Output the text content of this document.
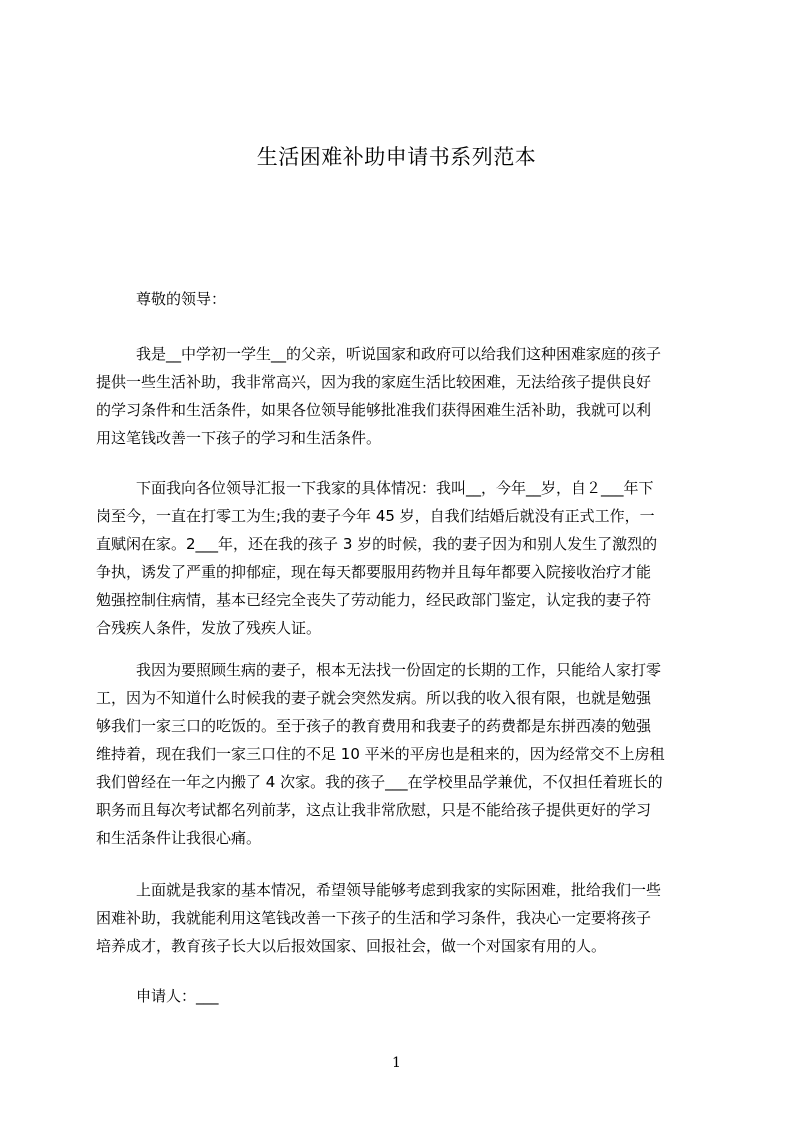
生活困难补助申请书系列范本
尊敬的领导：
我是__中学初一学生__的父亲，听说国家和政府可以给我们这种困难家庭的孩子
提供一些生活补助，我非常高兴，因为我的家庭生活比较困难，无法给孩子提供良好
的学习条件和生活条件，如果各位领导能够批准我们获得困难生活补助，我就可以利
用这笔钱改善一下孩子的学习和生活条件。
下面我向各位领导汇报一下我家的具体情况：我叫__，今年__岁，自２___年下
岗至今，一直在打零工为生;我的妻子今年 45 岁，自我们结婚后就没有正式工作，一
直赋闲在家。2___年，还在我的孩子 3 岁的时候，我的妻子因为和别人发生了激烈的
争执，诱发了严重的抑郁症，现在每天都要服用药物并且每年都要入院接收治疗才能
勉强控制住病情，基本已经完全丧失了劳动能力，经民政部门鉴定，认定我的妻子符
合残疾人条件，发放了残疾人证。
我因为要照顾生病的妻子，根本无法找一份固定的长期的工作，只能给人家打零
工，因为不知道什么时候我的妻子就会突然发病。所以我的收入很有限，也就是勉强
够我们一家三口的吃饭的。至于孩子的教育费用和我妻子的药费都是东拼西凑的勉强
维持着，现在我们一家三口住的不足 10 平米的平房也是租来的，因为经常交不上房租
我们曾经在一年之内搬了 4 次家。我的孩子___在学校里品学兼优，不仅担任着班长的
职务而且每次考试都名列前茅，这点让我非常欣慰，只是不能给孩子提供更好的学习
和生活条件让我很心痛。
上面就是我家的基本情况，希望领导能够考虑到我家的实际困难，批给我们一些
困难补助，我就能利用这笔钱改善一下孩子的生活和学习条件，我决心一定要将孩子
培养成才，教育孩子长大以后报效国家、回报社会，做一个对国家有用的人。
申请人：___
1
